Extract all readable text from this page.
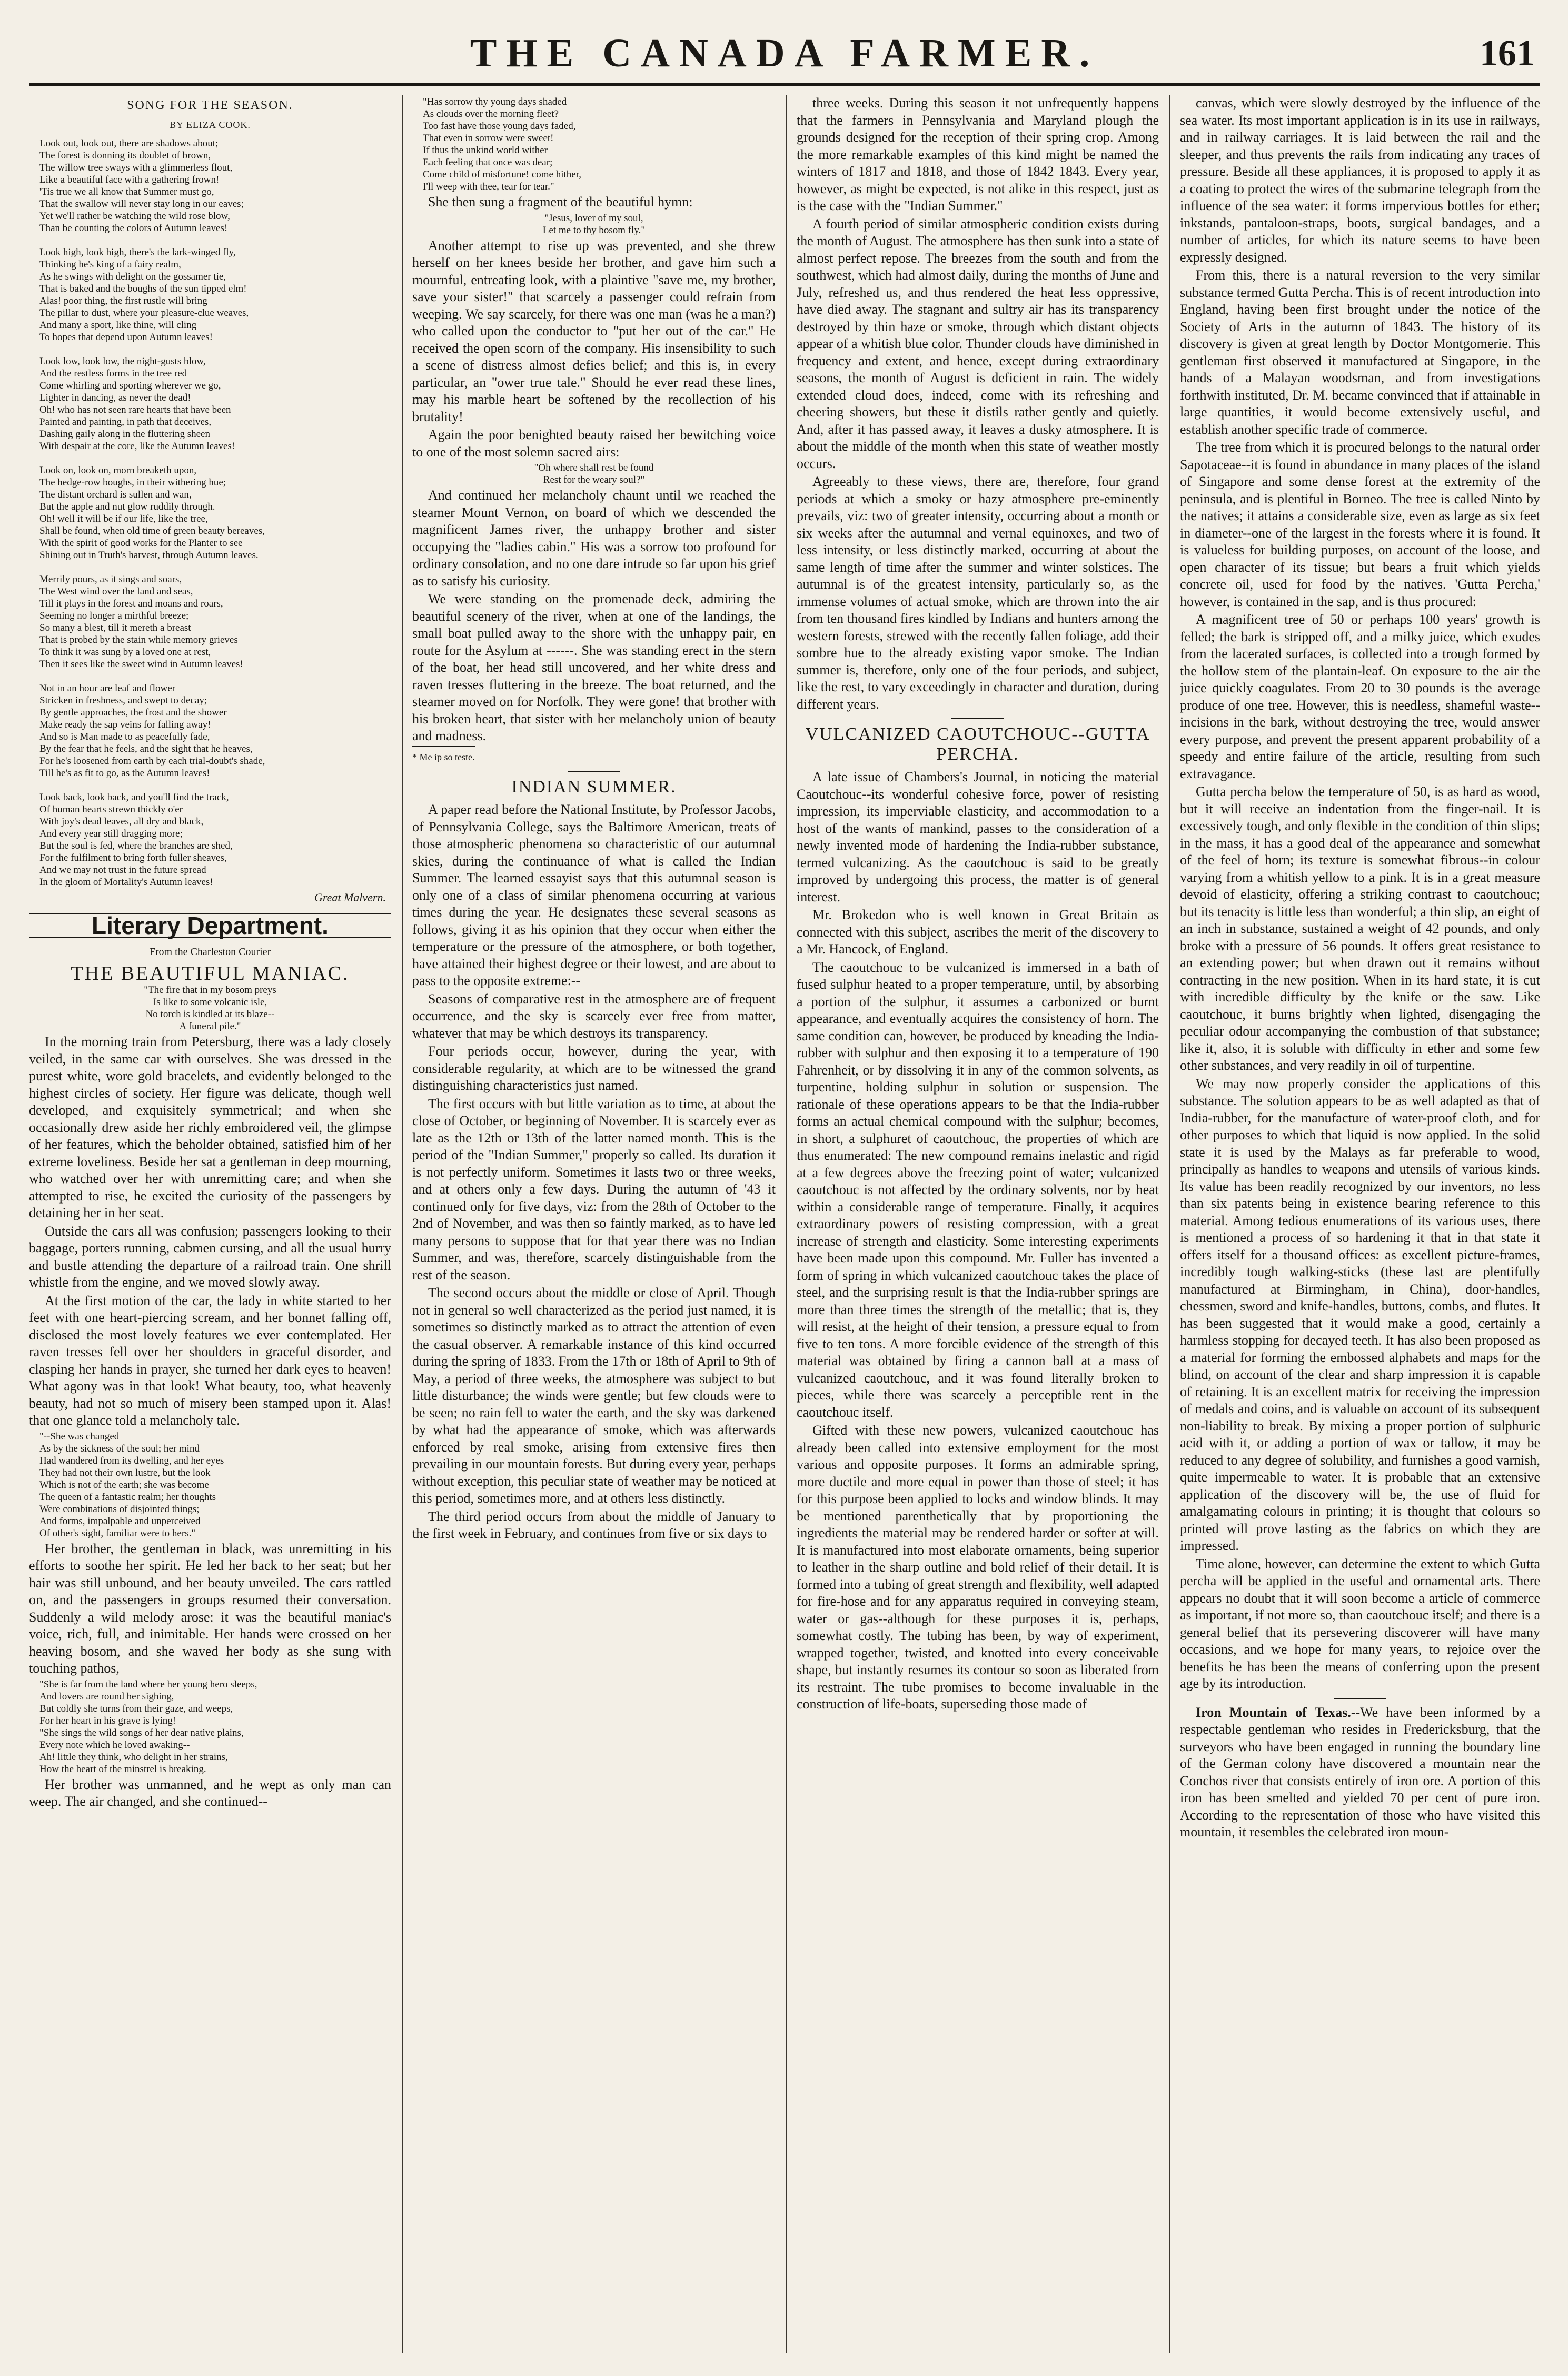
THE CANADA FARMER.	161
SONG FOR THE SEASON.
BY ELIZA COOK.
Look out, look out, there are shadows about;
The forest is donning its doublet of brown,
The willow tree sways with a glimmerless flout,
Like a beautiful face with a gathering frown!
'Tis true we all know that Summer must go,
That the swallow will never stay long in our eaves;
Yet we'll rather be watching the wild rose blow,
Than be counting the colors of Autumn leaves!

Look high, look high, there's the lark-winged fly,
Thinking he's king of a fairy realm,
As he swings with delight on the gossamer tie,
That is baked and the boughs of the sun tipped elm!
Alas! poor thing, the first rustle will bring
The pillar to dust, where your pleasure-clue weaves,
And many a sport, like thine, will cling
To hopes that depend upon Autumn leaves!

Look low, look low, the night-gusts blow,
And the restless forms in the tree red
Come whirling and sporting wherever we go,
Lighter in dancing, as never the dead!
Oh! who has not seen rare hearts that have been
Painted and painting, in path that deceives,
Dashing gaily along in the fluttering sheen
With despair at the core, like the Autumn leaves!

Look on, look on, morn breaketh upon,
The hedge-row boughs, in their withering hue;
The distant orchard is sullen and wan,
But the apple and nut glow ruddily through.
Oh! well it will be if our life, like the tree,
Shall be found, when old time of green beauty bereaves,
With the spirit of good works for the Planter to see
Shining out in Truth's harvest, through Autumn leaves.

Merrily pours, as it sings and soars,
The West wind over the land and seas,
Till it plays in the forest and moans and roars,
Seeming no longer a mirthful breeze;
So many a blest, till it mereth a breast
That is probed by the stain while memory grieves
To think it was sung by a loved one at rest,
Then it sees like the sweet wind in Autumn leaves!

Not in an hour are leaf and flower
Stricken in freshness, and swept to decay;
By gentle approaches, the frost and the shower
Make ready the sap veins for falling away!
And so is Man made to as peacefully fade,
By the fear that he feels, and the sight that he heaves,
For he's loosened from earth by each trial-doubt's shade,
Till he's as fit to go, as the Autumn leaves!

Look back, look back, and you'll find the track,
Of human hearts strewn thickly o'er
With joy's dead leaves, all dry and black,
And every year still dragging more;
But the soul is fed, where the branches are shed,
For the fulfilment to bring forth fuller sheaves,
And we may not trust in the future spread
In the gloom of Mortality's Autumn leaves!
Great Malvern.
Literary Department.
From the Charleston Courier
THE BEAUTIFUL MANIAC.
"The fire that in my bosom preys
Is like to some volcanic isle,
No torch is kindled at its blaze--
A funeral pile."

In the morning train from Petersburg, there was a lady closely veiled, in the same car with ourselves. She was dressed in the purest white, wore gold bracelets, and evidently belonged to the highest circles of society. Her figure was delicate, though well developed, and exquisitely symmetrical; and when she occasionally drew aside her richly embroidered veil, the glimpse of her features, which the beholder obtained, satisfied him of her extreme loveliness. Beside her sat a gentleman in deep mourning, who watched over her with unremitting care; and when she attempted to rise, he excited the curiosity of the passengers by detaining her in her seat.

Outside the cars all was confusion; passengers looking to their baggage, porters running, cabmen cursing, and all the usual hurry and bustle attending the departure of a railroad train. One shrill whistle from the engine, and we moved slowly away.

At the first motion of the car, the lady in white started to her feet with one heart-piercing scream, and her bonnet falling off, disclosed the most lovely features we ever contemplated. Her raven tresses fell over her shoulders in graceful disorder, and clasping her hands in prayer, she turned her dark eyes to heaven! What agony was in that look! What beauty, too, what heavenly beauty, had not so much of misery been stamped upon it. Alas! that one glance told a melancholy tale.

"--She was changed
As by the sickness of the soul; her mind
Had wandered from its dwelling, and her eyes
They had not their own lustre, but the look
Which is not of the earth; she was become
The queen of a fantastic realm; her thoughts
Were combinations of disjointed things;
And forms, impalpable and unperceived
Of other's sight, familiar were to hers."

Her brother, the gentleman in black, was unremitting in his efforts to soothe her spirit. He led her back to her seat; but her hair was still unbound, and her beauty unveiled. The cars rattled on, and the passengers in groups resumed their conversation. Suddenly a wild melody arose: it was the beautiful maniac's voice, rich, full, and inimitable. Her hands were crossed on her heaving bosom, and she waved her body as she sung with touching pathos,

"She is far from the land where her young hero sleeps,
And lovers are round her sighing,
But coldly she turns from their gaze, and weeps,
For her heart in his grave is lying!
"She sings the wild songs of her dear native plains,
Every note which he loved awaking--
Ah! little they think, who delight in her strains,
How the heart of the minstrel is breaking.

Her brother was unmanned, and he wept as only man can weep. The air changed, and she continued--

"Has sorrow thy young days shaded
As clouds over the morning fleet?
Too fast have those young days faded,
That even in sorrow were sweet!
If thus the unkind world wither
Each feeling that once was dear;
Come child of misfortune! come hither,
I'll weep with thee, tear for tear."

She then sung a fragment of the beautiful hymn:

"Jesus, lover of my soul,
Let me to thy bosom fly."

Another attempt to rise up was prevented, and she threw herself on her knees beside her brother, and gave him such a mournful, entreating look, with a plaintive "save me, my brother, save your sister!" that scarcely a passenger could refrain from weeping. We say scarcely, for there was one man (was he a man?) who called upon the conductor to "put her out of the car." He received the open scorn of the company. His insensibility to such a scene of distress almost defies belief; and this is, in every particular, an "ower true tale." Should he ever read these lines, may his marble heart be softened by the recollection of his brutality!

Again the poor benighted beauty raised her bewitching voice to one of the most solemn sacred airs:

"Oh where shall rest be found
Rest for the weary soul?"

And continued her melancholy chaunt until we reached the steamer Mount Vernon, on board of which we descended the magnificent James river, the unhappy brother and sister occupying the "ladies cabin." His was a sorrow too profound for ordinary consolation, and no one dare intrude so far upon his grief as to satisfy his curiosity.

We were standing on the promenade deck, admiring the beautiful scenery of the river, when at one of the landings, the small boat pulled away to the shore with the unhappy pair, en route for the Asylum at ------. She was standing erect in the stern of the boat, her head still uncovered, and her white dress and raven tresses fluttering in the breeze. The boat returned, and the steamer moved on for Norfolk. They were gone! that brother with his broken heart, that sister with her melancholy union of beauty and madness.

* Me ip so teste.
INDIAN SUMMER.

A paper read before the National Institute, by Professor Jacobs, of Pennsylvania College, says the Baltimore American, treats of those atmospheric phenomena so characteristic of our autumnal skies, during the continuance of what is called the Indian Summer. The learned essayist says that this autumnal season is only one of a class of similar phenomena occurring at various times during the year. He designates these several seasons as follows, giving it as his opinion that they occur when either the temperature or the pressure of the atmosphere, or both together, have attained their highest degree or their lowest, and are about to pass to the opposite extreme:--

Seasons of comparative rest in the atmosphere are of frequent occurrence, and the sky is scarcely ever free from matter, whatever that may be which destroys its transparency.

Four periods occur, however, during the year, with considerable regularity, at which are to be witnessed the grand distinguishing characteristics just named.

The first occurs with but little variation as to time, at about the close of October, or beginning of November. It is scarcely ever as late as the 12th or 13th of the latter named month. This is the period of the "Indian Summer," properly so called. Its duration it is not perfectly uniform. Sometimes it lasts two or three weeks, and at others only a few days. During the autumn of '43 it continued only for five days, viz: from the 28th of October to the 2nd of November, and was then so faintly marked, as to have led many persons to suppose that for that year there was no Indian Summer, and was, therefore, scarcely distinguishable from the rest of the season.

The second occurs about the middle or close of April. Though not in general so well characterized as the period just named, it is sometimes so distinctly marked as to attract the attention of even the casual observer. A remarkable instance of this kind occurred during the spring of 1833. From the 17th or 18th of April to 9th of May, a period of three weeks, the atmosphere was subject to but little disturbance; the winds were gentle; but few clouds were to be seen; no rain fell to water the earth, and the sky was darkened by what had the appearance of smoke, which was afterwards enforced by real smoke, arising from extensive fires then prevailing in our mountain forests. But during every year, perhaps without exception, this peculiar state of weather may be noticed at this period, sometimes more, and at others less distinctly.

The third period occurs from about the middle of January to the first week in February, and continues from five or six days to

three weeks. During this season it not unfrequently happens that the farmers in Pennsylvania and Maryland plough the grounds designed for the reception of their spring crop. Among the more remarkable examples of this kind might be named the winters of 1817 and 1818, and those of 1842 1843. Every year, however, as might be expected, is not alike in this respect, just as is the case with the "Indian Summer."

A fourth period of similar atmospheric condition exists during the month of August. The atmosphere has then sunk into a state of almost perfect repose. The breezes from the south and from the southwest, which had almost daily, during the months of June and July, refreshed us, and thus rendered the heat less oppressive, have died away. The stagnant and sultry air has its transparency destroyed by thin haze or smoke, through which distant objects appear of a whitish blue color. Thunder clouds have diminished in frequency and extent, and hence, except during extraordinary seasons, the month of August is deficient in rain. The widely extended cloud does, indeed, come with its refreshing and cheering showers, but these it distils rather gently and quietly. And, after it has passed away, it leaves a dusky atmosphere. It is about the middle of the month when this state of weather mostly occurs.

Agreeably to these views, there are, therefore, four grand periods at which a smoky or hazy atmosphere pre-eminently prevails, viz: two of greater intensity, occurring about a month or six weeks after the autumnal and vernal equinoxes, and two of less intensity, or less distinctly marked, occurring at about the same length of time after the summer and winter solstices. The autumnal is of the greatest intensity, particularly so, as the immense volumes of actual smoke, which are thrown into the air from ten thousand fires kindled by Indians and hunters among the western forests, strewed with the recently fallen foliage, add their sombre hue to the already existing vapor smoke. The Indian summer is, therefore, only one of the four periods, and subject, like the rest, to vary exceedingly in character and duration, during different years.

VULCANIZED CAOUTCHOUC--GUTTA PERCHA.

A late issue of Chambers's Journal, in noticing the material Caoutchouc--its wonderful cohesive force, power of resisting impression, its imperviable elasticity, and accommodation to a host of the wants of mankind, passes to the consideration of a newly invented mode of hardening the India-rubber substance, termed vulcanizing. As the caoutchouc is said to be greatly improved by undergoing this process, the matter is of general interest.

Mr. Brokedon who is well known in Great Britain as connected with this subject, ascribes the merit of the discovery to a Mr. Hancock, of England.

The caoutchouc to be vulcanized is immersed in a bath of fused sulphur heated to a proper temperature, until, by absorbing a portion of the sulphur, it assumes a carbonized or burnt appearance, and eventually acquires the consistency of horn. The same condition can, however, be produced by kneading the India-rubber with sulphur and then exposing it to a temperature of 190 Fahrenheit, or by dissolving it in any of the common solvents, as turpentine, holding sulphur in solution or suspension. The rationale of these operations appears to be that the India-rubber forms an actual chemical compound with the sulphur; becomes, in short, a sulphuret of caoutchouc, the properties of which are thus enumerated: The new compound remains inelastic and rigid at a few degrees above the freezing point of water; vulcanized caoutchouc is not affected by the ordinary solvents, nor by heat within a considerable range of temperature. Finally, it acquires extraordinary powers of resisting compression, with a great increase of strength and elasticity. Some interesting experiments have been made upon this compound. Mr. Fuller has invented a form of spring in which vulcanized caoutchouc takes the place of steel, and the surprising result is that the India-rubber springs are more than three times the strength of the metallic; that is, they will resist, at the height of their tension, a pressure equal to from five to ten tons. A more forcible evidence of the strength of this material was obtained by firing a cannon ball at a mass of vulcanized caoutchouc, and it was found literally broken to pieces, while there was scarcely a perceptible rent in the caoutchouc itself.

Gifted with these new powers, vulcanized caoutchouc has already been called into extensive employment for the most various and opposite purposes. It forms an admirable spring, more ductile and more equal in power than those of steel; it has for this purpose been applied to locks and window blinds. It may be mentioned parenthetically that by proportioning the ingredients the material may be rendered harder or softer at will. It is manufactured into most elaborate ornaments, being superior to leather in the sharp outline and bold relief of their detail. It is formed into a tubing of great strength and flexibility, well adapted for fire-hose and for any apparatus required in conveying steam, water or gas--although for these purposes it is, perhaps, somewhat costly. The tubing has been, by way of experiment, wrapped together, twisted, and knotted into every conceivable shape, but instantly resumes its contour so soon as liberated from its restraint. The tube promises to become invaluable in the construction of life-boats, superseding those made of

canvas, which were slowly destroyed by the influence of the sea water. Its most important application is in its use in railways, and in railway carriages. It is laid between the rail and the sleeper, and thus prevents the rails from indicating any traces of pressure. Beside all these appliances, it is proposed to apply it as a coating to protect the wires of the submarine telegraph from the influence of the sea water: it forms impervious bottles for ether; inkstands, pantaloon-straps, boots, surgical bandages, and a number of articles, for which its nature seems to have been expressly designed.

From this, there is a natural reversion to the very similar substance termed Gutta Percha. This is of recent introduction into England, having been first brought under the notice of the Society of Arts in the autumn of 1843. The history of its discovery is given at great length by Doctor Montgomerie. This gentleman first observed it manufactured at Singapore, in the hands of a Malayan woodsman, and from investigations forthwith instituted, Dr. M. became convinced that if attainable in large quantities, it would become extensively useful, and establish another specific trade of commerce.

The tree from which it is procured belongs to the natural order Sapotaceae--it is found in abundance in many places of the island of Singapore and some dense forest at the extremity of the peninsula, and is plentiful in Borneo. The tree is called Ninto by the natives; it attains a considerable size, even as large as six feet in diameter--one of the largest in the forests where it is found. It is valueless for building purposes, on account of the loose, and open character of its tissue; but bears a fruit which yields concrete oil, used for food by the natives. 'Gutta Percha,' however, is contained in the sap, and is thus procured:

A magnificent tree of 50 or perhaps 100 years' growth is felled; the bark is stripped off, and a milky juice, which exudes from the lacerated surfaces, is collected into a trough formed by the hollow stem of the plantain-leaf. On exposure to the air the juice quickly coagulates. From 20 to 30 pounds is the average produce of one tree. However, this is needless, shameful waste--incisions in the bark, without destroying the tree, would answer every purpose, and prevent the present apparent probability of a speedy and entire failure of the article, resulting from such extravagance.

Gutta percha below the temperature of 50, is as hard as wood, but it will receive an indentation from the finger-nail. It is excessively tough, and only flexible in the condition of thin slips; in the mass, it has a good deal of the appearance and somewhat of the feel of horn; its texture is somewhat fibrous--in colour varying from a whitish yellow to a pink. It is in a great measure devoid of elasticity, offering a striking contrast to caoutchouc; but its tenacity is little less than wonderful; a thin slip, an eight of an inch in substance, sustained a weight of 42 pounds, and only broke with a pressure of 56 pounds. It offers great resistance to an extending power; but when drawn out it remains without contracting in the new position. When in its hard state, it is cut with incredible difficulty by the knife or the saw. Like caoutchouc, it burns brightly when lighted, disengaging the peculiar odour accompanying the combustion of that substance; like it, also, it is soluble with difficulty in ether and some few other substances, and very readily in oil of turpentine.

We may now properly consider the applications of this substance. The solution appears to be as well adapted as that of India-rubber, for the manufacture of water-proof cloth, and for other purposes to which that liquid is now applied. In the solid state it is used by the Malays as far preferable to wood, principally as handles to weapons and utensils of various kinds. Its value has been readily recognized by our inventors, no less than six patents being in existence bearing reference to this material. Among tedious enumerations of its various uses, there is mentioned a process of so hardening it that in that state it offers itself for a thousand offices: as excellent picture-frames, incredibly tough walking-sticks (these last are plentifully manufactured at Birmingham, in China), door-handles, chessmen, sword and knife-handles, buttons, combs, and flutes. It has been suggested that it would make a good, certainly a harmless stopping for decayed teeth. It has also been proposed as a material for forming the embossed alphabets and maps for the blind, on account of the clear and sharp impression it is capable of retaining. It is an excellent matrix for receiving the impression of medals and coins, and is valuable on account of its subsequent non-liability to break. By mixing a proper portion of sulphuric acid with it, or adding a portion of wax or tallow, it may be reduced to any degree of solubility, and furnishes a good varnish, quite impermeable to water. It is probable that an extensive application of the discovery will be, the use of fluid for amalgamating colours in printing; it is thought that colours so printed will prove lasting as the fabrics on which they are impressed.

Time alone, however, can determine the extent to which Gutta percha will be applied in the useful and ornamental arts. There appears no doubt that it will soon become a article of commerce as important, if not more so, than caoutchouc itself; and there is a general belief that its persevering discoverer will have many occasions, and we hope for many years, to rejoice over the benefits he has been the means of conferring upon the present age by its introduction.

Iron Mountain of Texas.--We have been informed by a respectable gentleman who resides in Fredericksburg, that the surveyors who have been engaged in running the boundary line of the German colony have discovered a mountain near the Conchos river that consists entirely of iron ore. A portion of this iron has been smelted and yielded 70 per cent of pure iron. According to the representation of those who have visited this mountain, it resembles the celebrated iron moun-
